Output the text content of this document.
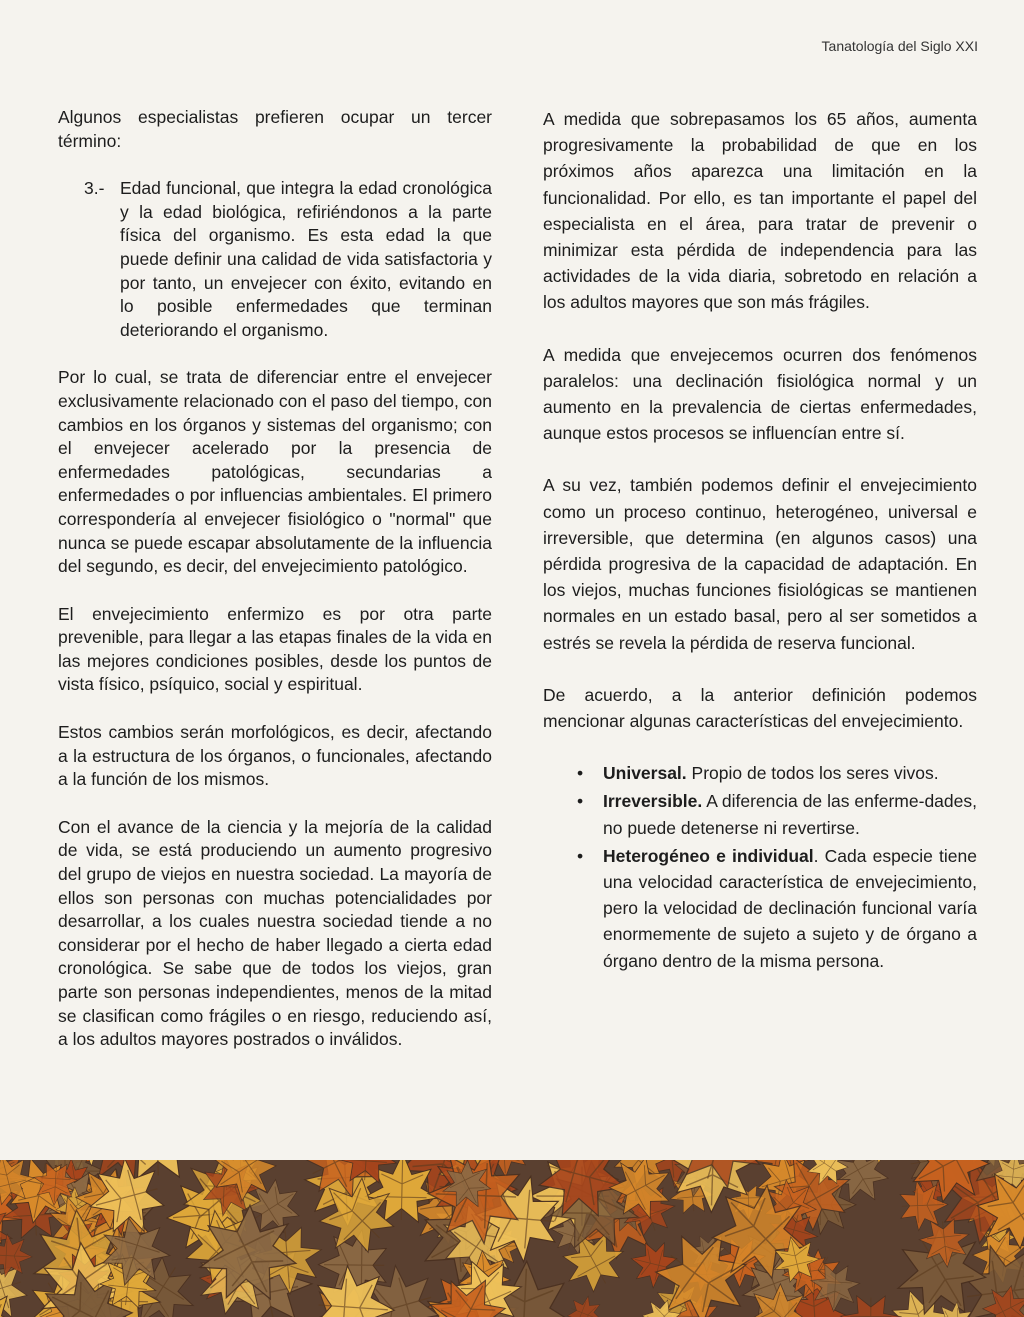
Tanatología del Siglo XXI

Algunos especialistas prefieren ocupar un tercer término:

3.- Edad funcional, que integra la edad cronológica y la edad biológica, refiriéndonos a la parte física del organismo. Es esta edad la que puede definir una calidad de vida satisfactoria y por tanto, un envejecer con éxito, evitando en lo posible enfermedades que terminan deteriorando el organismo.

Por lo cual, se trata de diferenciar entre el envejecer exclusivamente relacionado con el paso del tiempo, con cambios en los órganos y sistemas del organismo; con el envejecer acelerado por la presencia de enfermedades patológicas, secundarias a enfermedades o por influencias ambientales. El primero correspondería al envejecer fisiológico o "normal" que nunca se puede escapar absolutamente de la influencia del segundo, es decir, del envejecimiento patológico.

El envejecimiento enfermizo es por otra parte prevenible, para llegar a las etapas finales de la vida en las mejores condiciones posibles, desde los puntos de vista físico, psíquico, social y espiritual.

Estos cambios serán morfológicos, es decir, afectando a la estructura de los órganos, o funcionales, afectando a la función de los mismos.

Con el avance de la ciencia y la mejoría de la calidad de vida, se está produciendo un aumento progresivo del grupo de viejos en nuestra sociedad. La mayoría de ellos son personas con muchas potencialidades por desarrollar, a los cuales nuestra sociedad tiende a no considerar por el hecho de haber llegado a cierta edad cronológica. Se sabe que de todos los viejos, gran parte son personas independientes, menos de la mitad se clasifican como frágiles o en riesgo, reduciendo así, a los adultos mayores postrados o inválidos.

A medida que sobrepasamos los 65 años, aumenta progresivamente la probabilidad de que en los próximos años aparezca una limitación en la funcionalidad. Por ello, es tan importante el papel del especialista en el área, para tratar de prevenir o minimizar esta pérdida de independencia para las actividades de la vida diaria, sobretodo en relación a los adultos mayores que son más frágiles.

A medida que envejecemos ocurren dos fenómenos paralelos: una declinación fisiológica normal y un aumento en la prevalencia de ciertas enfermedades, aunque estos procesos se influencían entre sí.

A su vez, también podemos definir el envejecimiento como un proceso continuo, heterogéneo, universal e irreversible, que determina (en algunos casos) una pérdida progresiva de la capacidad de adaptación. En los viejos, muchas funciones fisiológicas se mantienen normales en un estado basal, pero al ser sometidos a estrés se revela la pérdida de reserva funcional.

De acuerdo, a la anterior definición podemos mencionar algunas características del envejecimiento.

• Universal. Propio de todos los seres vivos.
• Irreversible. A diferencia de las enferme-dades, no puede detenerse ni revertirse.
• Heterogéneo e individual. Cada especie tiene una velocidad característica de envejecimiento, pero la velocidad de declinación funcional varía enormemente de sujeto a sujeto y de órgano a órgano dentro de la misma persona.
